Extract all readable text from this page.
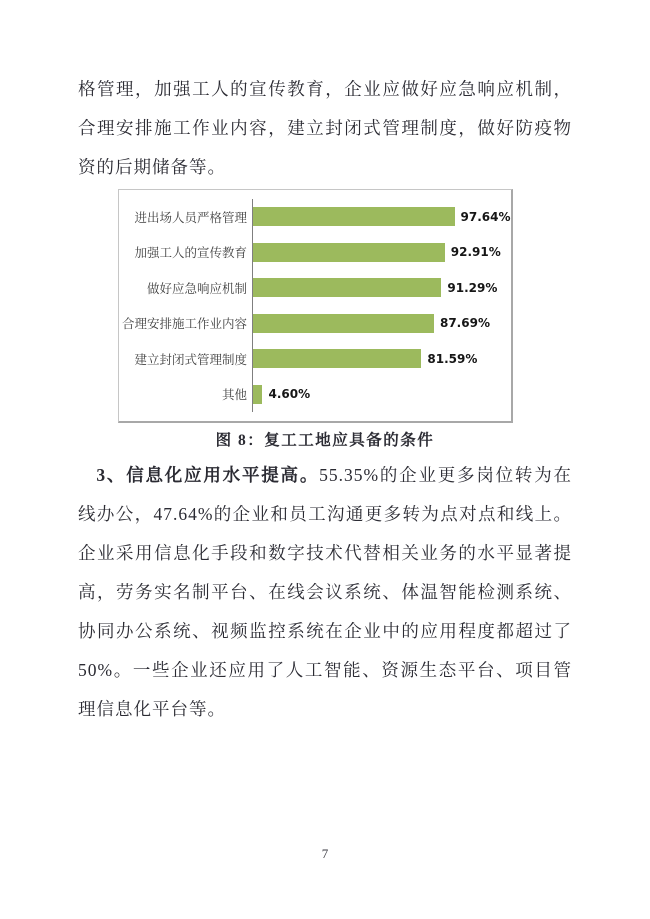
格管理，加强工人的宣传教育，企业应做好应急响应机制，合理安排施工作业内容，建立封闭式管理制度，做好防疫物资的后期储备等。

进出场人员严格管理	97.64%
加强工人的宣传教育	92.91%
做好应急响应机制	91.29%
合理安排施工作业内容	87.69%
建立封闭式管理制度	81.59%
其他	4.60%
图 8：复工工地应具备的条件

3、信息化应用水平提高。55.35%的企业更多岗位转为在线办公，47.64%的企业和员工沟通更多转为点对点和线上。企业采用信息化手段和数字技术代替相关业务的水平显著提高，劳务实名制平台、在线会议系统、体温智能检测系统、协同办公系统、视频监控系统在企业中的应用程度都超过了 50%。一些企业还应用了人工智能、资源生态平台、项目管理信息化平台等。

7
